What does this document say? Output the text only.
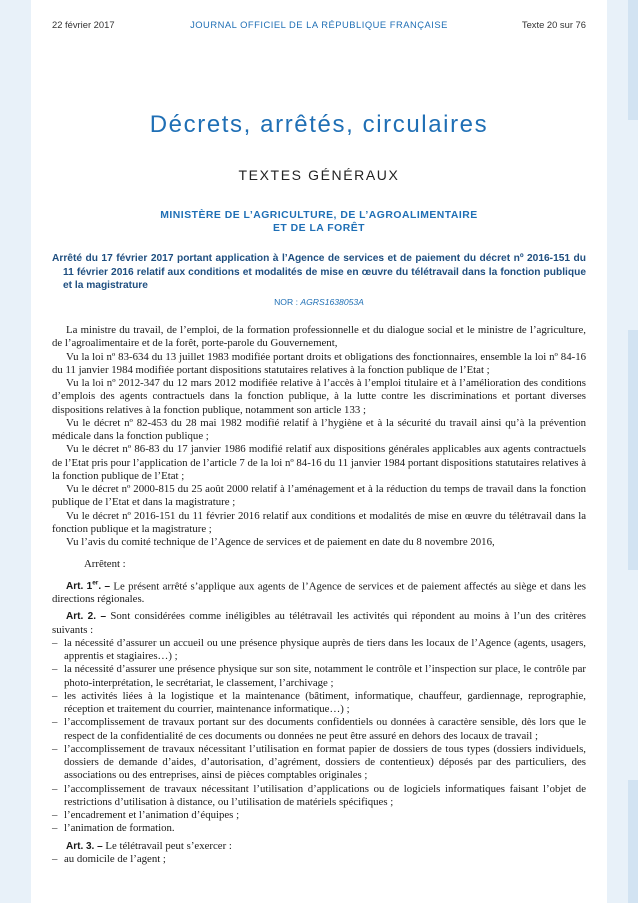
22 février 2017	JOURNAL OFFICIEL DE LA RÉPUBLIQUE FRANÇAISE	Texte 20 sur 76
Décrets, arrêtés, circulaires
TEXTES GÉNÉRAUX
MINISTÈRE DE L’AGRICULTURE, DE L’AGROALIMENTAIRE
ET DE LA FORÊT
Arrêté du 17 février 2017 portant application à l’Agence de services et de paiement du décret nº 2016-151 du 11 février 2016 relatif aux conditions et modalités de mise en œuvre du télétravail dans la fonction publique et la magistrature
NOR : AGRS1638053A

La ministre du travail, de l’emploi, de la formation professionnelle et du dialogue social et le ministre de l’agriculture, de l’agroalimentaire et de la forêt, porte-parole du Gouvernement,

Vu la loi nº 83-634 du 13 juillet 1983 modifiée portant droits et obligations des fonctionnaires, ensemble la loi nº 84-16 du 11 janvier 1984 modifiée portant dispositions statutaires relatives à la fonction publique de l’Etat ;

Vu la loi nº 2012-347 du 12 mars 2012 modifiée relative à l’accès à l’emploi titulaire et à l’amélioration des conditions d’emplois des agents contractuels dans la fonction publique, à la lutte contre les discriminations et portant diverses dispositions relatives à la fonction publique, notamment son article 133 ;

Vu le décret nº 82-453 du 28 mai 1982 modifié relatif à l’hygiène et à la sécurité du travail ainsi qu’à la prévention médicale dans la fonction publique ;

Vu le décret nº 86-83 du 17 janvier 1986 modifié relatif aux dispositions générales applicables aux agents contractuels de l’Etat pris pour l’application de l’article 7 de la loi nº 84-16 du 11 janvier 1984 portant dispositions statutaires relatives à la fonction publique de l’Etat ;

Vu le décret nº 2000-815 du 25 août 2000 relatif à l’aménagement et à la réduction du temps de travail dans la fonction publique de l’Etat et dans la magistrature ;

Vu le décret nº 2016-151 du 11 février 2016 relatif aux conditions et modalités de mise en œuvre du télétravail dans la fonction publique et la magistrature ;

Vu l’avis du comité technique de l’Agence de services et de paiement en date du 8 novembre 2016,

Arrêtent :

Art. 1er. – Le présent arrêté s’applique aux agents de l’Agence de services et de paiement affectés au siège et dans les directions régionales.

Art. 2. – Sont considérées comme inéligibles au télétravail les activités qui répondent au moins à l’un des critères suivants :

– la nécessité d’assurer un accueil ou une présence physique auprès de tiers dans les locaux de l’Agence (agents, usagers, apprentis et stagiaires…) ;
– la nécessité d’assurer une présence physique sur son site, notamment le contrôle et l’inspection sur place, le contrôle par photo-interprétation, le secrétariat, le classement, l’archivage ;
– les activités liées à la logistique et la maintenance (bâtiment, informatique, chauffeur, gardiennage, reprographie, réception et traitement du courrier, maintenance informatique…) ;
– l’accomplissement de travaux portant sur des documents confidentiels ou données à caractère sensible, dès lors que le respect de la confidentialité de ces documents ou données ne peut être assuré en dehors des locaux de travail ;
– l’accomplissement de travaux nécessitant l’utilisation en format papier de dossiers de tous types (dossiers individuels, dossiers de demande d’aides, d’autorisation, d’agrément, dossiers de contentieux) déposés par des particuliers, des associations ou des entreprises, ainsi de pièces comptables originales ;
– l’accomplissement de travaux nécessitant l’utilisation d’applications ou de logiciels informatiques faisant l’objet de restrictions d’utilisation à distance, ou l’utilisation de matériels spécifiques ;
– l’encadrement et l’animation d’équipes ;
– l’animation de formation.

Art. 3. – Le télétravail peut s’exercer :

– au domicile de l’agent ;
